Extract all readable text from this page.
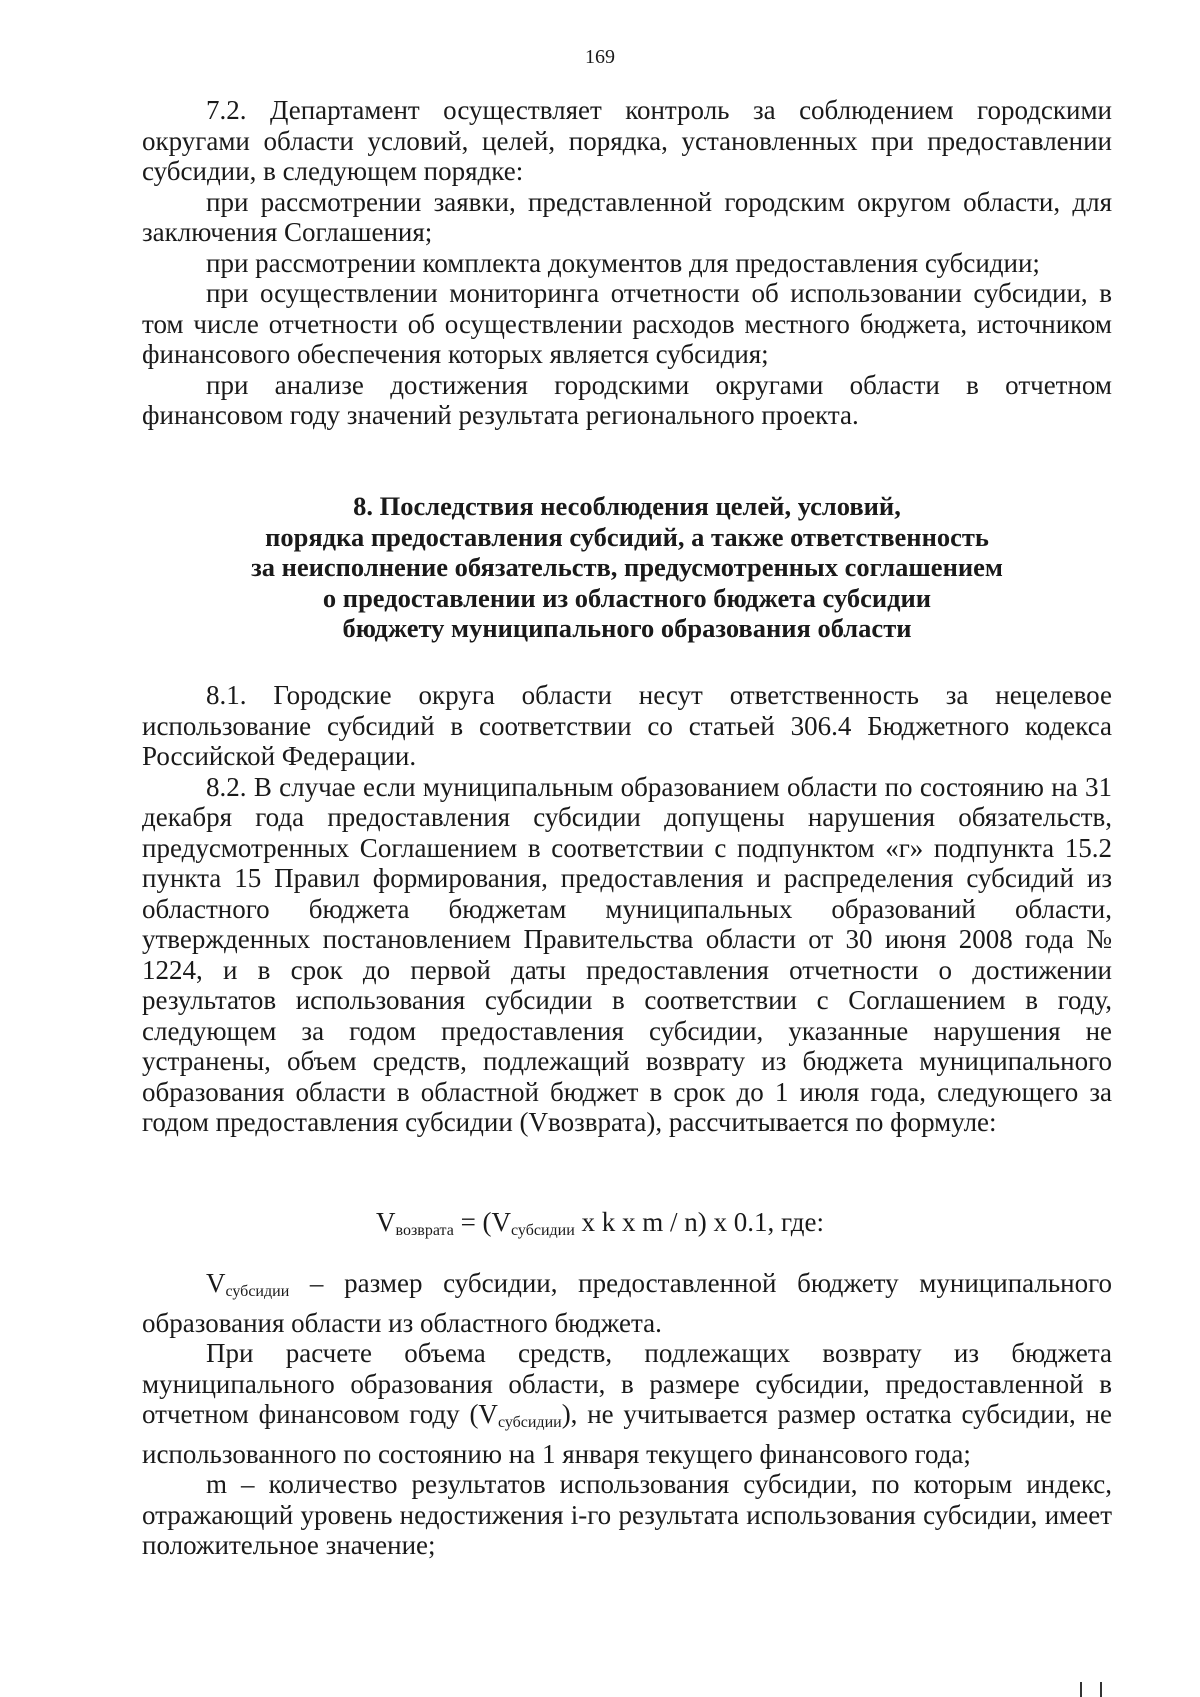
169

7.2. Департамент осуществляет контроль за соблюдением городскими округами области условий, целей, порядка, установленных при предоставлении субсидии, в следующем порядке:

при рассмотрении заявки, представленной городским округом области, для заключения Соглашения;

при рассмотрении комплекта документов для предоставления субсидии;

при осуществлении мониторинга отчетности об использовании субсидии, в том числе отчетности об осуществлении расходов местного бюджета, источником финансового обеспечения которых является субсидия;

при анализе достижения городскими округами области в отчетном финансовом году значений результата регионального проекта.

8. Последствия несоблюдения целей, условий,
порядка предоставления субсидий, а также ответственность
за неисполнение обязательств, предусмотренных соглашением
о предоставлении из областного бюджета субсидии
бюджету муниципального образования области

8.1. Городские округа области несут ответственность за нецелевое использование субсидий в соответствии со статьей 306.4 Бюджетного кодекса Российской Федерации.

8.2. В случае если муниципальным образованием области по состоянию на 31 декабря года предоставления субсидии допущены нарушения обязательств, предусмотренных Соглашением в соответствии с подпунктом «г» подпункта 15.2 пункта 15 Правил формирования, предоставления и распределения субсидий из областного бюджета бюджетам муниципальных образований области, утвержденных постановлением Правительства области от 30 июня 2008 года № 1224, и в срок до первой даты предоставления отчетности о достижении результатов использования субсидии в соответствии с Соглашением в году, следующем за годом предоставления субсидии, указанные нарушения не устранены, объем средств, подлежащий возврату из бюджета муниципального образования области в областной бюджет в срок до 1 июля года, следующего за годом предоставления субсидии (Vвозврата), рассчитывается по формуле:

$V_{возврата} = (V_{субсидии}$ x k x m / n) x 0.1, где:

$V_{субсидии}$ – размер субсидии, предоставленной бюджету муниципального образования области из областного бюджета.

При расчете объема средств, подлежащих возврату из бюджета муниципального образования области, в размере субсидии, предоставленной в отчетном финансовом году $(V_{субсидии})$, не учитывается размер остатка субсидии, не использованного по состоянию на 1 января текущего финансового года;

m – количество результатов использования субсидии, по которым индекс, отражающий уровень недостижения i-го результата использования субсидии, имеет положительное значение;
